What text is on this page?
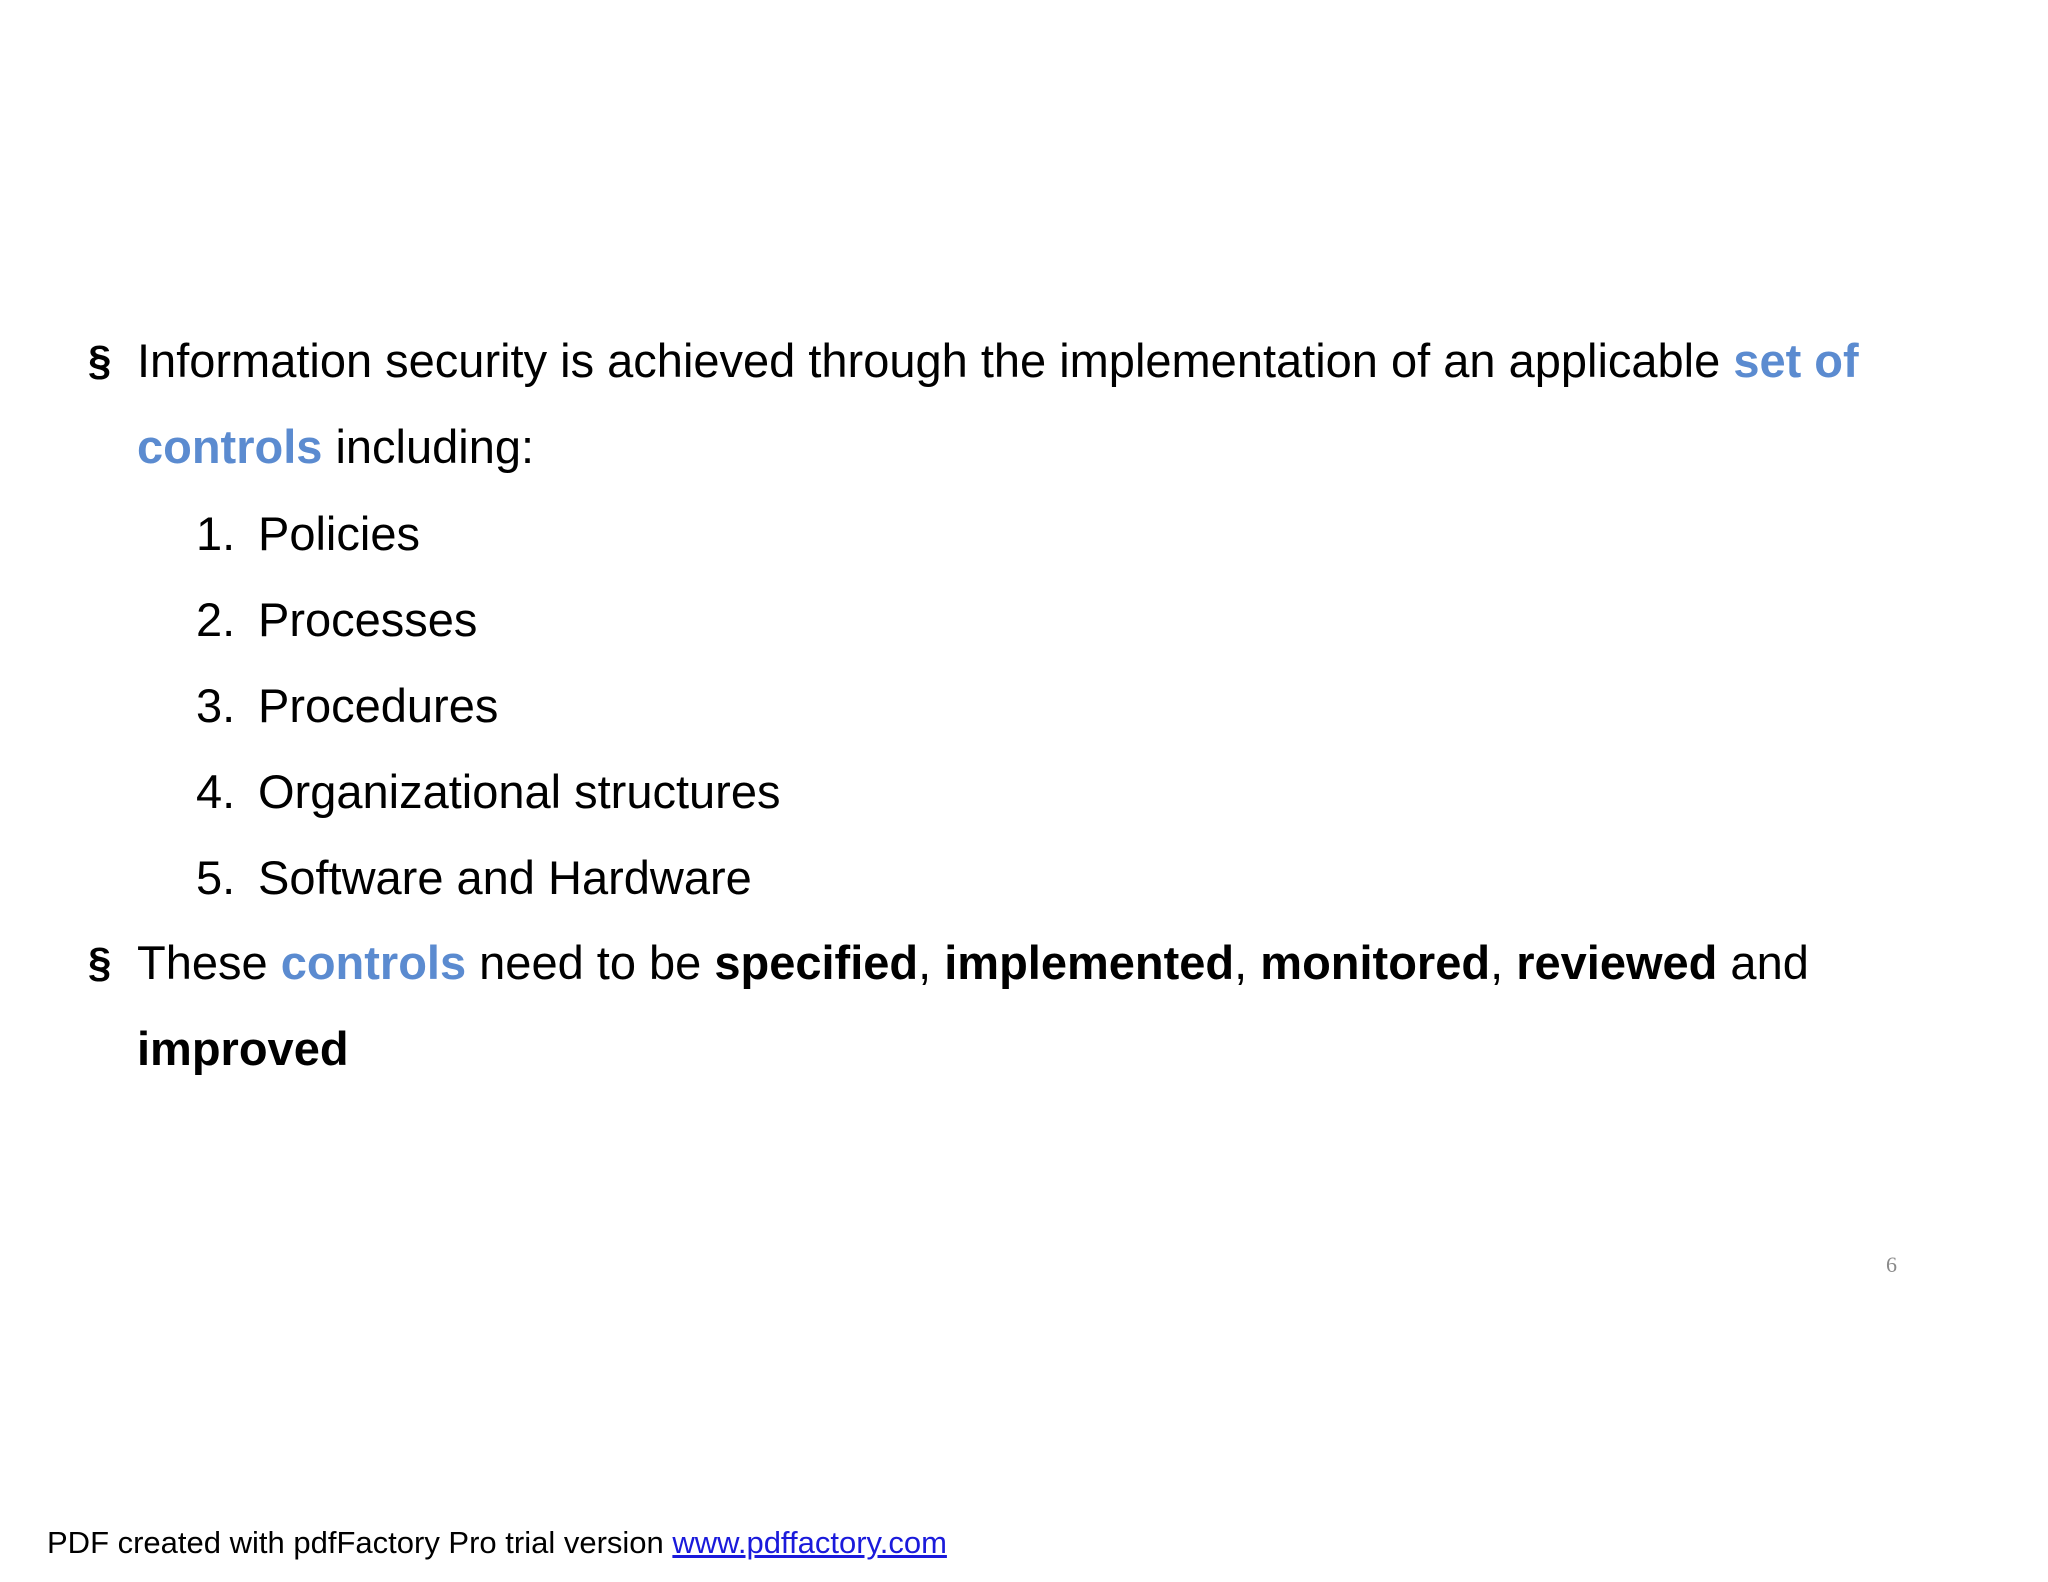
§ Information security is achieved through the implementation of an applicable set of controls including:
1. Policies
2. Processes
3. Procedures
4. Organizational structures
5. Software and Hardware
§ These controls need to be specified, implemented, monitored, reviewed and
improved
6
PDF created with pdfFactory Pro trial version www.pdffactory.com
